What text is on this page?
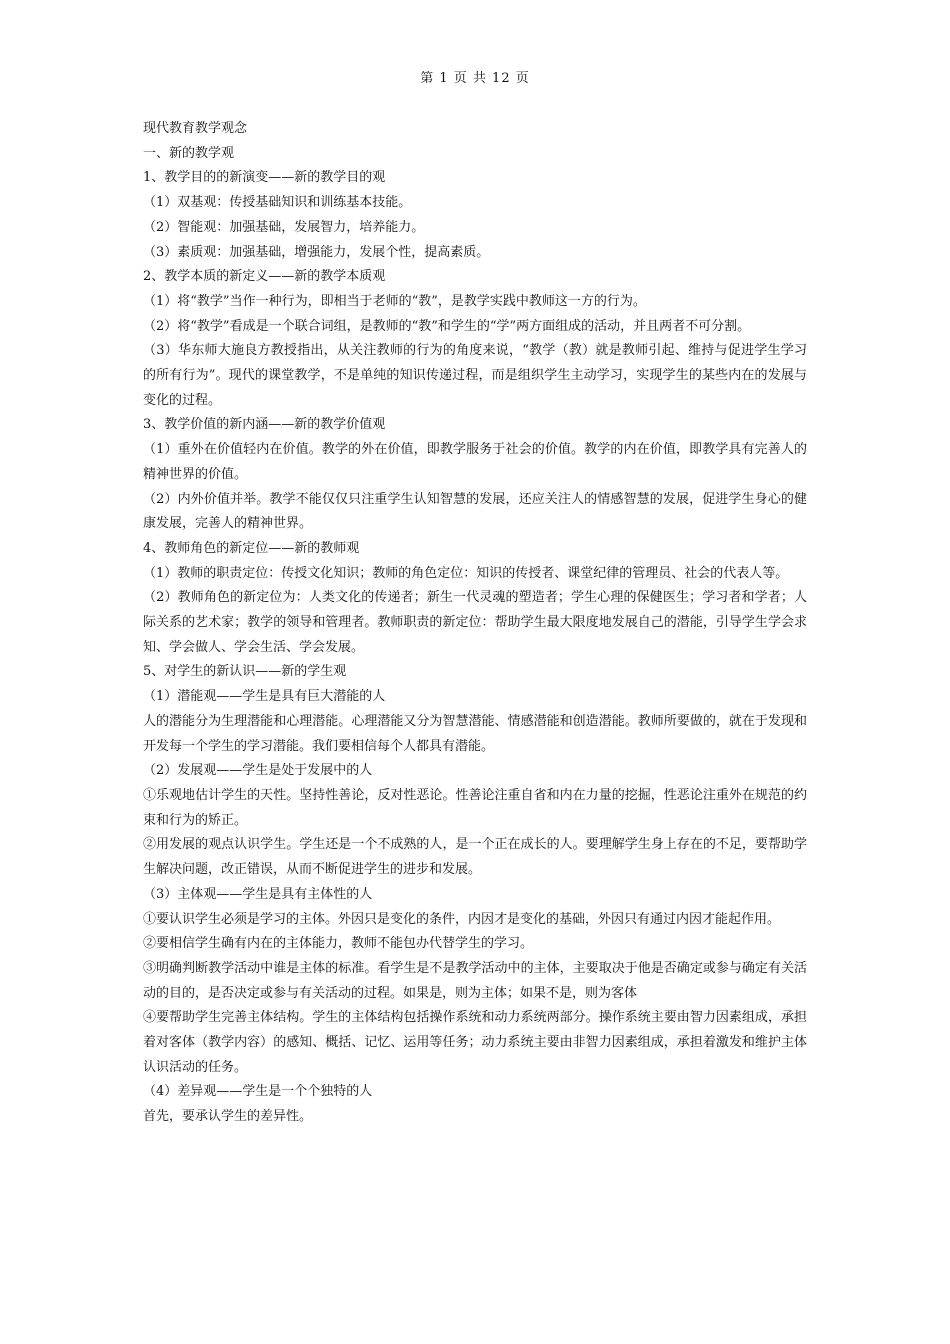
第 1 页 共 12 页
现代教育教学观念
一、新的教学观
1、教学目的的新演变——新的教学目的观
（1）双基观：传授基础知识和训练基本技能。
（2）智能观：加强基础，发展智力，培养能力。
（3）素质观：加强基础，增强能力，发展个性，提高素质。
2、教学本质的新定义——新的教学本质观
（1）将“教学”当作一种行为，即相当于老师的“教”，是教学实践中教师这一方的行为。
（2）将“教学”看成是一个联合词组，是教师的“教”和学生的“学”两方面组成的活动，并且两者不可分割。
（3）华东师大施良方教授指出，从关注教师的行为的角度来说，“教学（教）就是教师引起、维持与促进学生学习的所有行为”。现代的课堂教学，不是单纯的知识传递过程，而是组织学生主动学习，实现学生的某些内在的发展与变化的过程。
3、教学价值的新内涵——新的教学价值观
（1）重外在价值轻内在价值。教学的外在价值，即教学服务于社会的价值。教学的内在价值，即教学具有完善人的精神世界的价值。
（2）内外价值并举。教学不能仅仅只注重学生认知智慧的发展，还应关注人的情感智慧的发展，促进学生身心的健康发展，完善人的精神世界。
4、教师角色的新定位——新的教师观
（1）教师的职责定位：传授文化知识；教师的角色定位：知识的传授者、课堂纪律的管理员、社会的代表人等。
（2）教师角色的新定位为：人类文化的传递者；新生一代灵魂的塑造者；学生心理的保健医生；学习者和学者；人际关系的艺术家；教学的领导和管理者。教师职责的新定位：帮助学生最大限度地发展自己的潜能，引导学生学会求知、学会做人、学会生活、学会发展。
5、对学生的新认识——新的学生观
（1）潜能观——学生是具有巨大潜能的人
人的潜能分为生理潜能和心理潜能。心理潜能又分为智慧潜能、情感潜能和创造潜能。教师所要做的，就在于发现和开发每一个学生的学习潜能。我们要相信每个人都具有潜能。
（2）发展观——学生是处于发展中的人
①乐观地估计学生的天性。坚持性善论，反对性恶论。性善论注重自省和内在力量的挖掘，性恶论注重外在规范的约束和行为的矫正。
②用发展的观点认识学生。学生还是一个不成熟的人，是一个正在成长的人。要理解学生身上存在的不足，要帮助学生解决问题，改正错误，从而不断促进学生的进步和发展。
（3）主体观——学生是具有主体性的人
①要认识学生必须是学习的主体。外因只是变化的条件，内因才是变化的基础，外因只有通过内因才能起作用。
②要相信学生确有内在的主体能力，教师不能包办代替学生的学习。
③明确判断教学活动中谁是主体的标准。看学生是不是教学活动中的主体，主要取决于他是否确定或参与确定有关活动的目的，是否决定或参与有关活动的过程。如果是，则为主体；如果不是，则为客体
④要帮助学生完善主体结构。学生的主体结构包括操作系统和动力系统两部分。操作系统主要由智力因素组成，承担着对客体（教学内容）的感知、概括、记忆、运用等任务；动力系统主要由非智力因素组成，承担着激发和维护主体认识活动的任务。
（4）差异观——学生是一个个独特的人
首先，要承认学生的差异性。
